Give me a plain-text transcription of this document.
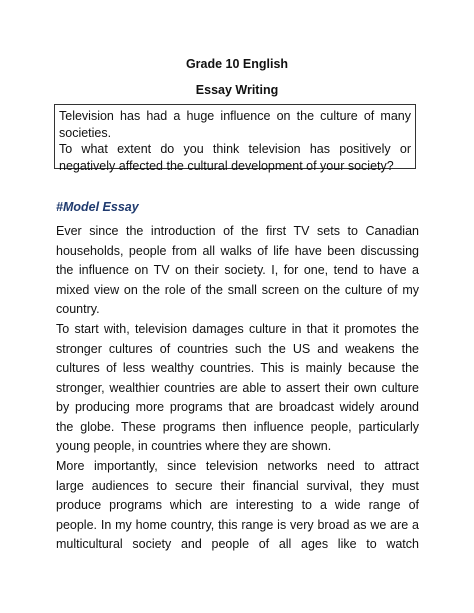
Grade 10 English
Essay Writing
Television has had a huge influence on the culture of many
societies.
To what extent do you think television has positively or
negatively affected the cultural development of your society?
#Model Essay
Ever since the introduction of the first TV sets to Canadian
households, people from all walks of life have been discussing
the influence on TV on their society. I, for one, tend to have a
mixed view on the role of the small screen on the culture of my
country.
To start with, television damages culture in that it promotes the
stronger cultures of countries such the US and weakens the
cultures of less wealthy countries. This is mainly because the
stronger, wealthier countries are able to assert their own culture
by producing more programs that are broadcast widely around
the globe. These programs then influence people, particularly
young people, in countries where they are shown.
More importantly, since television networks need to attract
large audiences to secure their financial survival, they must
produce programs which are interesting to a wide range of
people. In my home country, this range is very broad as we are a
multicultural society and people of all ages like to watch
